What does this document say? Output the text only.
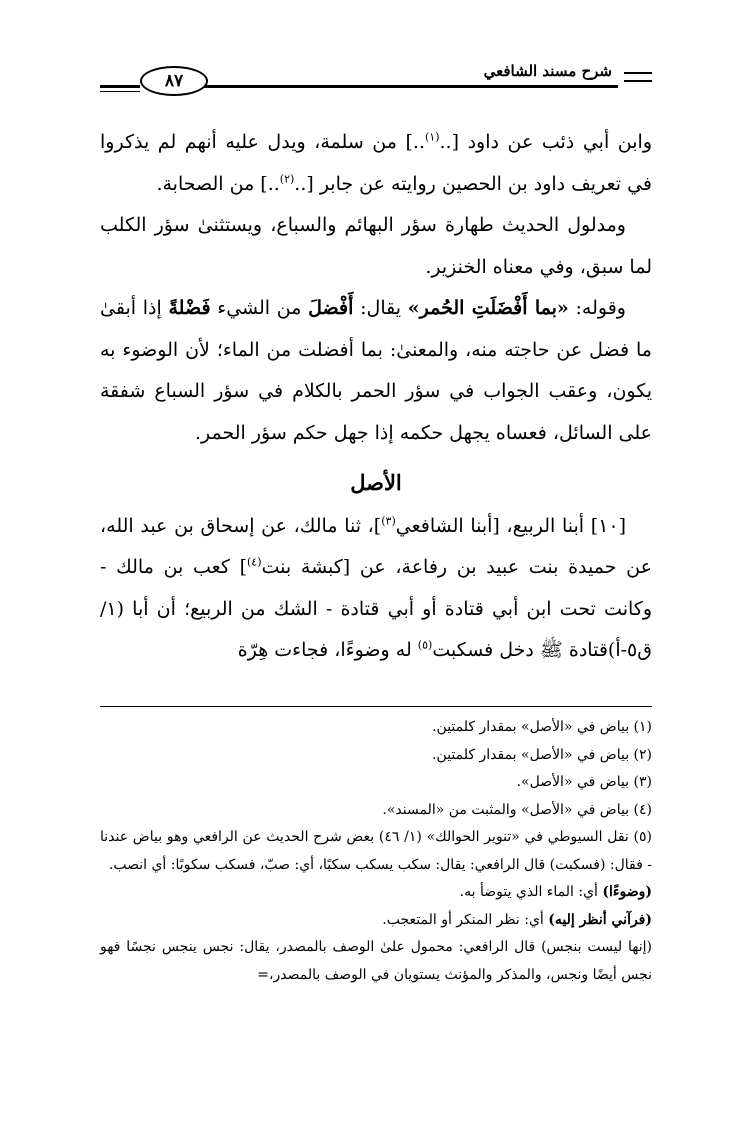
شرح مسند الشافعي
٨٧

وابن أبي ذئب عن داود [..$^{(١)}$..] من سلمة، ويدل عليه أنهم لم يذكروا في تعريف داود بن الحصين روايته عن جابر [..$^{(٢)}$..] من الصحابة.

ومدلول الحديث طهارة سؤر البهائم والسباع، ويستثنىٰ سؤر الكلب لما سبق، وفي معناه الخنزير.

وقوله: «بما أَفْضَلَتِ الحُمر» يقال: أَفْضلَ من الشيء فَضْلةً إذا أبقىٰ ما فضل عن حاجته منه، والمعنىٰ: بما أفضلت من الماء؛ لأن الوضوء به يكون، وعقب الجواب في سؤر الحمر بالكلام في سؤر السباع شفقة على السائل، فعساه يجهل حكمه إذا جهل حكم سؤر الحمر.

الأصل

[١٠] أبنا الربيع، [أبنا الشافعي$^{(٣)}$]، ثنا مالك، عن إسحاق بن عبد الله، عن حميدة بنت عبيد بن رفاعة، عن [كبشة بنت$^{(٤)}$] كعب بن مالك - وكانت تحت ابن أبي قتادة أو أبي قتادة - الشك من الربيع؛ أن أبا (١/ق٥-أ)قتادة ﷺ دخل فسكبت$^{(٥)}$ له وضوءًا، فجاءت هِرّة

(١) بياض في «الأصل» بمقدار كلمتين.

(٢) بياض في «الأصل» بمقدار كلمتين.

(٣) بياض في «الأصل».

(٤) بياض في «الأصل» والمثبت من «المسند».

(٥) نقل السيوطي في «تنوير الحوالك» (١/ ٤٦) بعض شرح الحديث عن الرافعي وهو بياض عندنا - فقال: (فسكبت) قال الرافعي: يقال: سكب يسكب سكبًا، أي: صبّ، فسكب سكوبًا: أي انصب.

(وضوءًا) أي: الماء الذي يتوضأ به.

(فرآني أنظر إليه) أي: نظر المنكر أو المتعجب.

(إنها ليست بنجس) قال الرافعي: محمول علىٰ الوصف بالمصدر، يقال: نجس ينجس نجسًا فهو نجس أيضًا ونجس، والمذكر والمؤنث يستويان في الوصف بالمصدر،=
